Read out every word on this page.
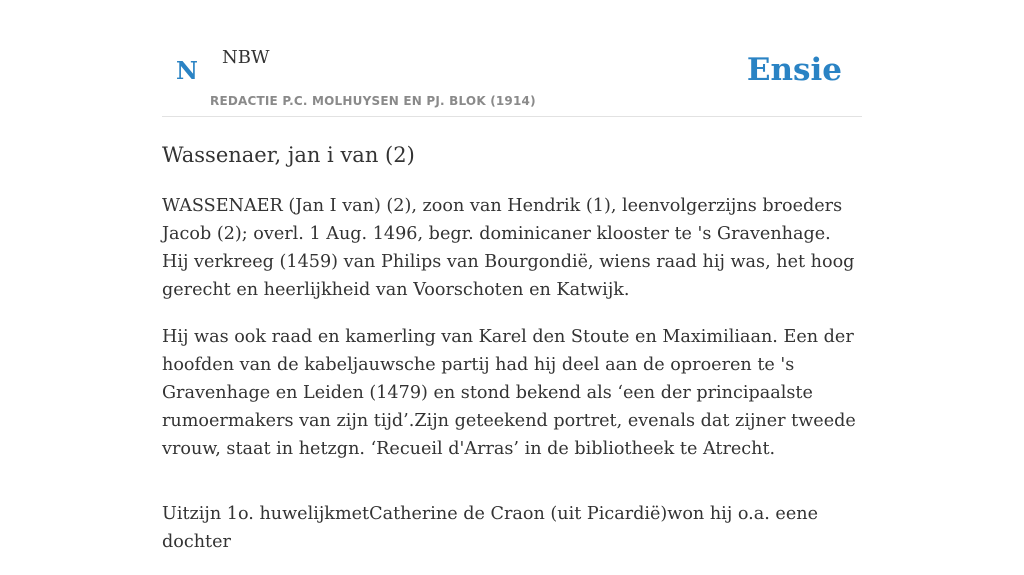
N NBW
REDACTIE P.C. MOLHUYSEN EN PJ. BLOK (1914)
Ensie
Wassenaer, jan i van (2)

WASSENAER (Jan I van) (2), zoon van Hendrik (1), leenvolgerzijns broeders Jacob (2); overl. 1 Aug. 1496, begr. dominicaner klooster te 's Gravenhage. Hij verkreeg (1459) van Philips van Bourgondië, wiens raad hij was, het hoog gerecht en heerlijkheid van Voorschoten en Katwijk.

Hij was ook raad en kamerling van Karel den Stoute en Maximiliaan. Een der hoofden van de kabeljauwsche partij had hij deel aan de oproeren te 's Gravenhage en Leiden (1479) en stond bekend als ‘een der principaalste rumoermakers van zijn tijd’.Zijn geteekend portret, evenals dat zijner tweede vrouw, staat in hetzgn. ‘Recueil d'Arras’ in de bibliotheek te Atrecht.

Uitzijn 1o. huwelijkmetCatherine de Craon (uit Picardië)won hij o.a. eene dochter
